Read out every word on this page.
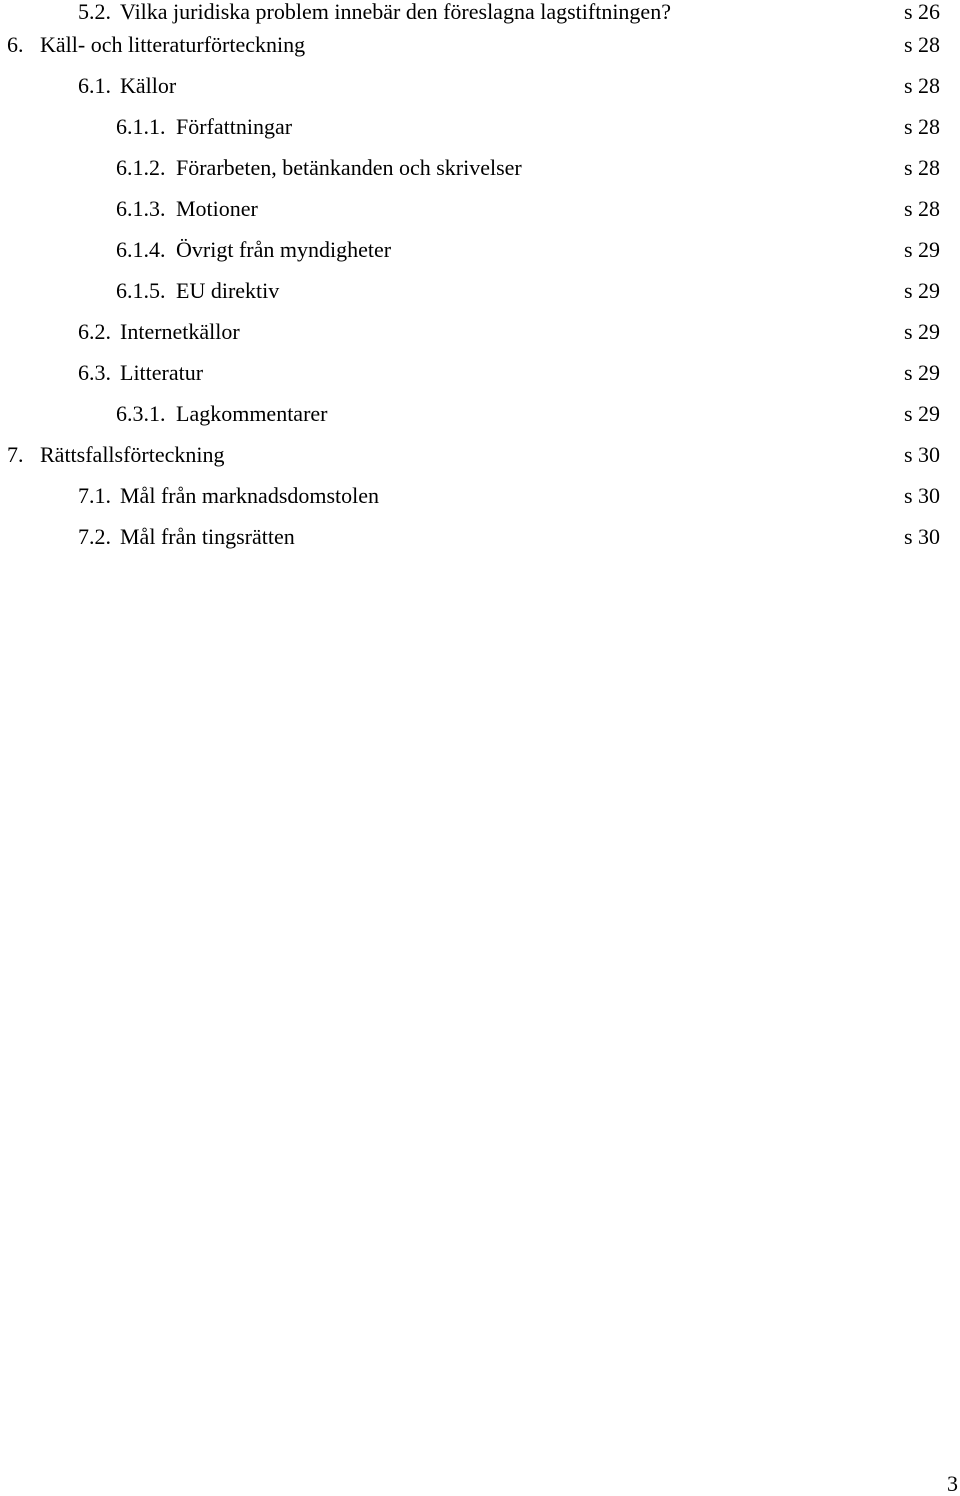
5.2. Vilka juridiska problem innebär den föreslagna lagstiftningen?	s 26
6. Käll- och litteraturförteckning	s 28
6.1. Källor	s 28
6.1.1. Författningar	s 28
6.1.2. Förarbeten, betänkanden och skrivelser	s 28
6.1.3. Motioner	s 28
6.1.4. Övrigt från myndigheter	s 29
6.1.5. EU direktiv	s 29
6.2. Internetkällor	s 29
6.3. Litteratur	s 29
6.3.1. Lagkommentarer	s 29
7. Rättsfallsförteckning	s 30
7.1. Mål från marknadsdomstolen	s 30
7.2. Mål från tingsrätten	s 30
3
